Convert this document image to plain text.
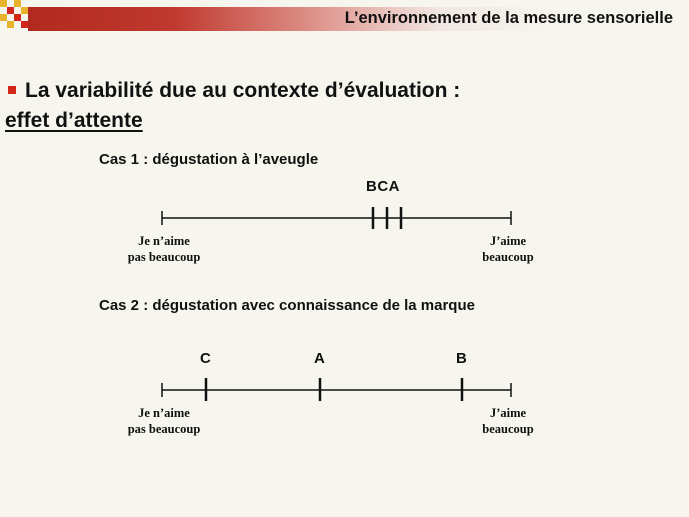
L’environnement de la mesure sensorielle
La variabilité due au contexte d’évaluation :
effet d’attente
Cas 1 : dégustation à l’aveugle
BCA
Je n’aime
pas beaucoup
J’aime
beaucoup
Cas 2 : dégustation avec connaissance de la marque
C	A	B
Je n’aime
pas beaucoup
J’aime
beaucoup
